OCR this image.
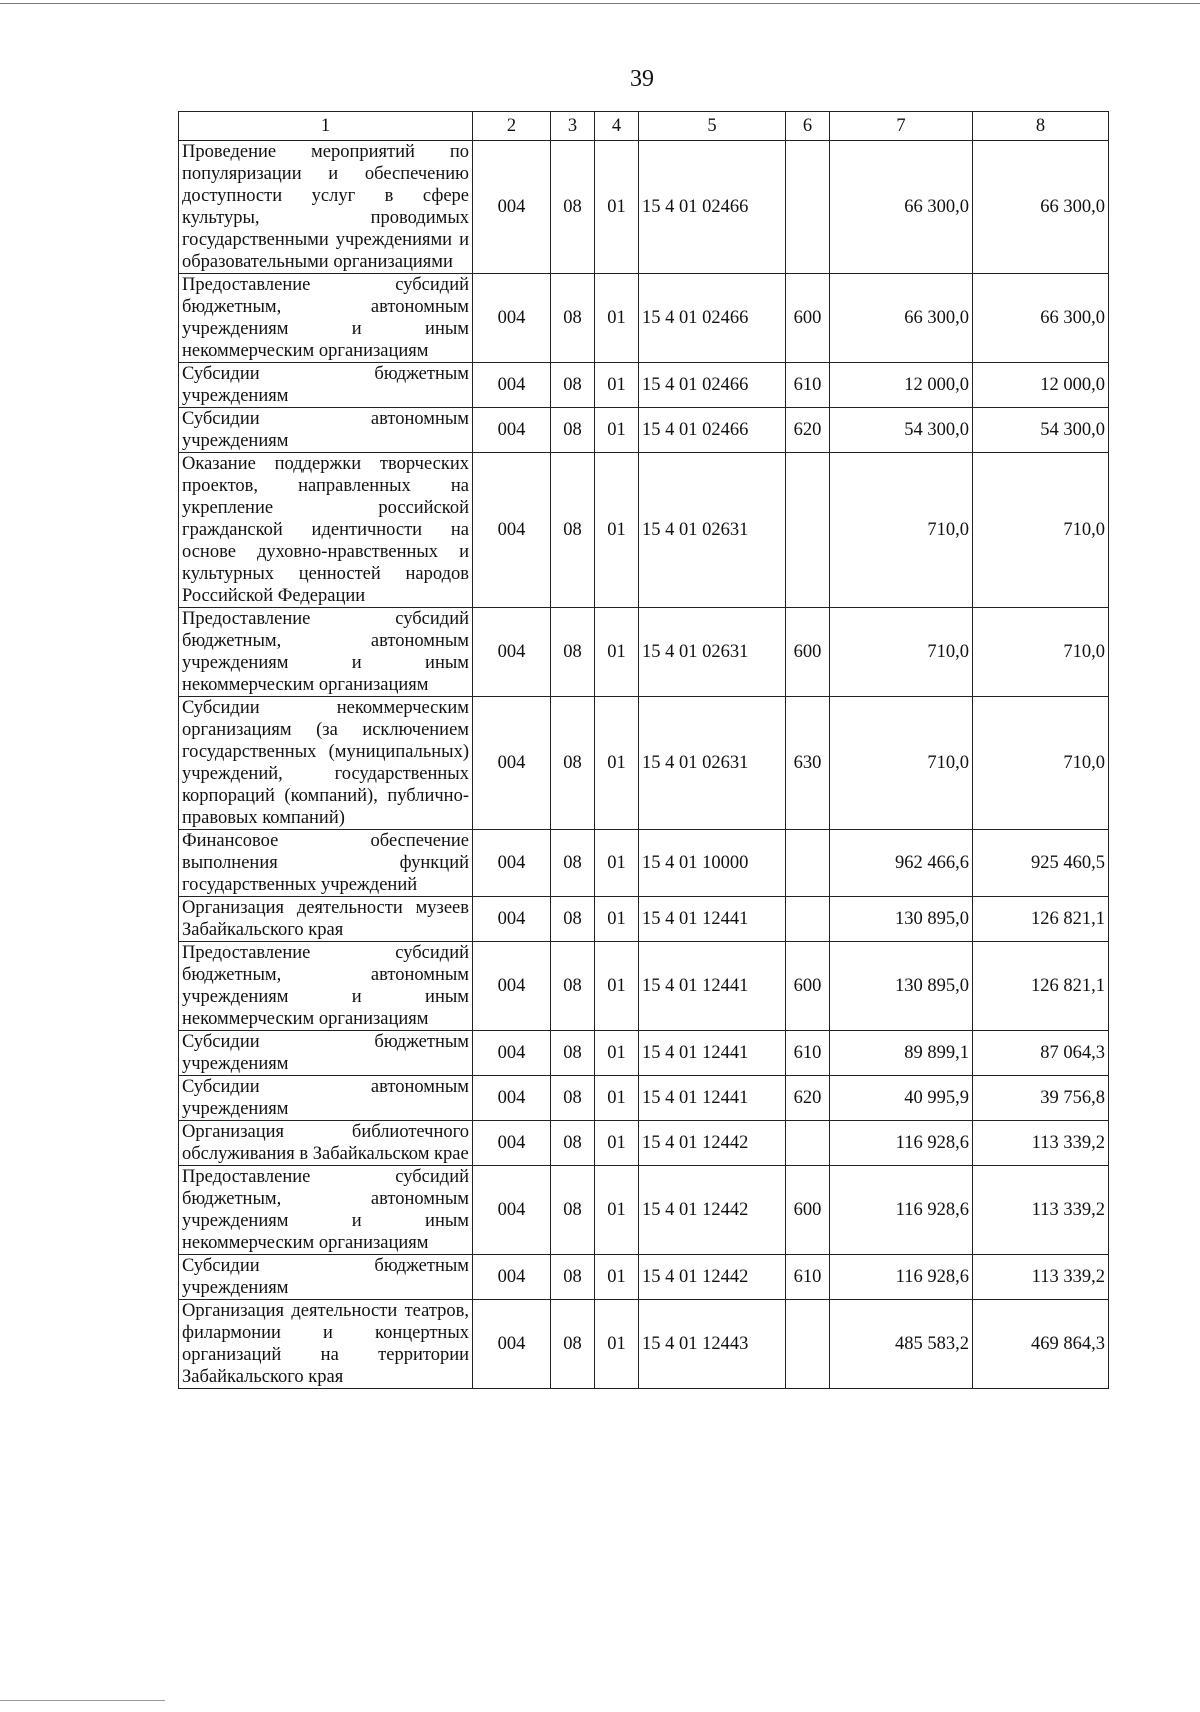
39
1	2	3	4	5	6	7	8
Проведение мероприятий по популяризации и обеспечению доступности услуг в сфере культуры, проводимых государственными учреждениями и образовательными организациями	004	08	01	15 4 01 02466		66 300,0	66 300,0
Предоставление субсидий бюджетным, автономным учреждениям и иным некоммерческим организациям	004	08	01	15 4 01 02466	600	66 300,0	66 300,0
Субсидии бюджетным учреждениям	004	08	01	15 4 01 02466	610	12 000,0	12 000,0
Субсидии автономным учреждениям	004	08	01	15 4 01 02466	620	54 300,0	54 300,0
Оказание поддержки творческих проектов, направленных на укрепление российской гражданской идентичности на основе духовно-нравственных и культурных ценностей народов Российской Федерации	004	08	01	15 4 01 02631		710,0	710,0
Предоставление субсидий бюджетным, автономным учреждениям и иным некоммерческим организациям	004	08	01	15 4 01 02631	600	710,0	710,0
Субсидии некоммерческим организациям (за исключением государственных (муниципальных) учреждений, государственных корпораций (компаний), публично-правовых компаний)	004	08	01	15 4 01 02631	630	710,0	710,0
Финансовое обеспечение выполнения функций государственных учреждений	004	08	01	15 4 01 10000		962 466,6	925 460,5
Организация деятельности музеев Забайкальского края	004	08	01	15 4 01 12441		130 895,0	126 821,1
Предоставление субсидий бюджетным, автономным учреждениям и иным некоммерческим организациям	004	08	01	15 4 01 12441	600	130 895,0	126 821,1
Субсидии бюджетным учреждениям	004	08	01	15 4 01 12441	610	89 899,1	87 064,3
Субсидии автономным учреждениям	004	08	01	15 4 01 12441	620	40 995,9	39 756,8
Организация библиотечного обслуживания в Забайкальском крае	004	08	01	15 4 01 12442		116 928,6	113 339,2
Предоставление субсидий бюджетным, автономным учреждениям и иным некоммерческим организациям	004	08	01	15 4 01 12442	600	116 928,6	113 339,2
Субсидии бюджетным учреждениям	004	08	01	15 4 01 12442	610	116 928,6	113 339,2
Организация деятельности театров, филармонии и концертных организаций на территории Забайкальского края	004	08	01	15 4 01 12443		485 583,2	469 864,3
